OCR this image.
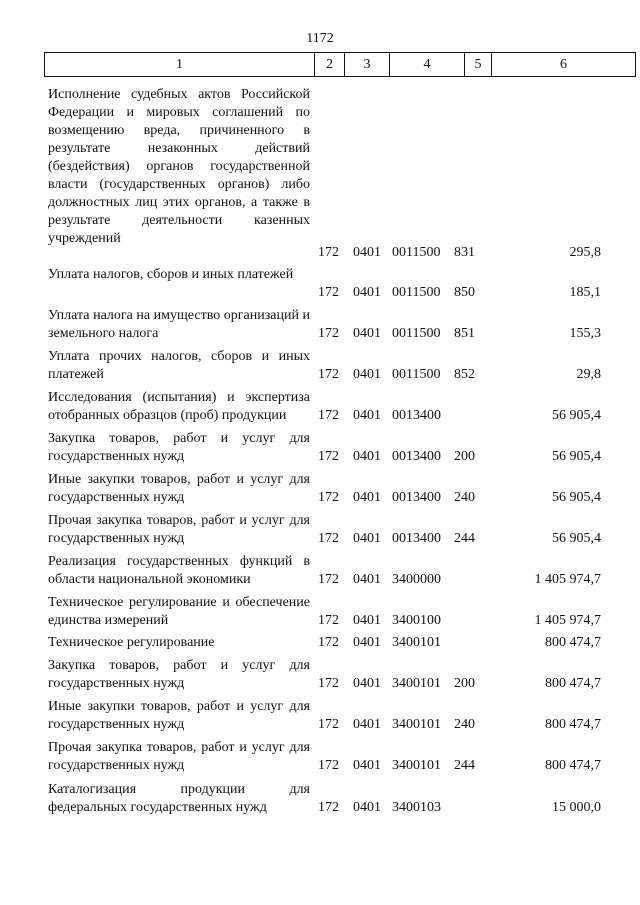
1172
1	2	3	4	5	6
Исполнение судебных актов Российской Федерации и мировых соглашений по возмещению вреда, причиненного в результате незаконных действий (бездействия) органов государственной власти (государственных органов) либо должностных лиц этих органов, а также в результате деятельности казенных учреждений
172 0401 0011500 831	295,8
Уплата налогов, сборов и иных платежей
172 0401 0011500 850	185,1
Уплата налога на имущество организаций и земельного налога	172 0401 0011500 851	155,3
Уплата прочих налогов, сборов и иных платежей	172 0401 0011500 852	29,8
Исследования (испытания) и экспертиза отобранных образцов (проб) продукции	172 0401 0013400	56 905,4
Закупка товаров, работ и услуг для государственных нужд	172 0401 0013400 200	56 905,4
Иные закупки товаров, работ и услуг для государственных нужд	172 0401 0013400 240	56 905,4
Прочая закупка товаров, работ и услуг для государственных нужд	172 0401 0013400 244	56 905,4
Реализация государственных функций в области национальной экономики	172 0401 3400000	1 405 974,7
Техническое регулирование и обеспечение единства измерений	172 0401 3400100	1 405 974,7
Техническое регулирование	172 0401 3400101	800 474,7
Закупка товаров, работ и услуг для государственных нужд	172 0401 3400101 200	800 474,7
Иные закупки товаров, работ и услуг для государственных нужд	172 0401 3400101 240	800 474,7
Прочая закупка товаров, работ и услуг для государственных нужд	172 0401 3400101 244	800 474,7
Каталогизация продукции для федеральных государственных нужд	172 0401 3400103	15 000,0
